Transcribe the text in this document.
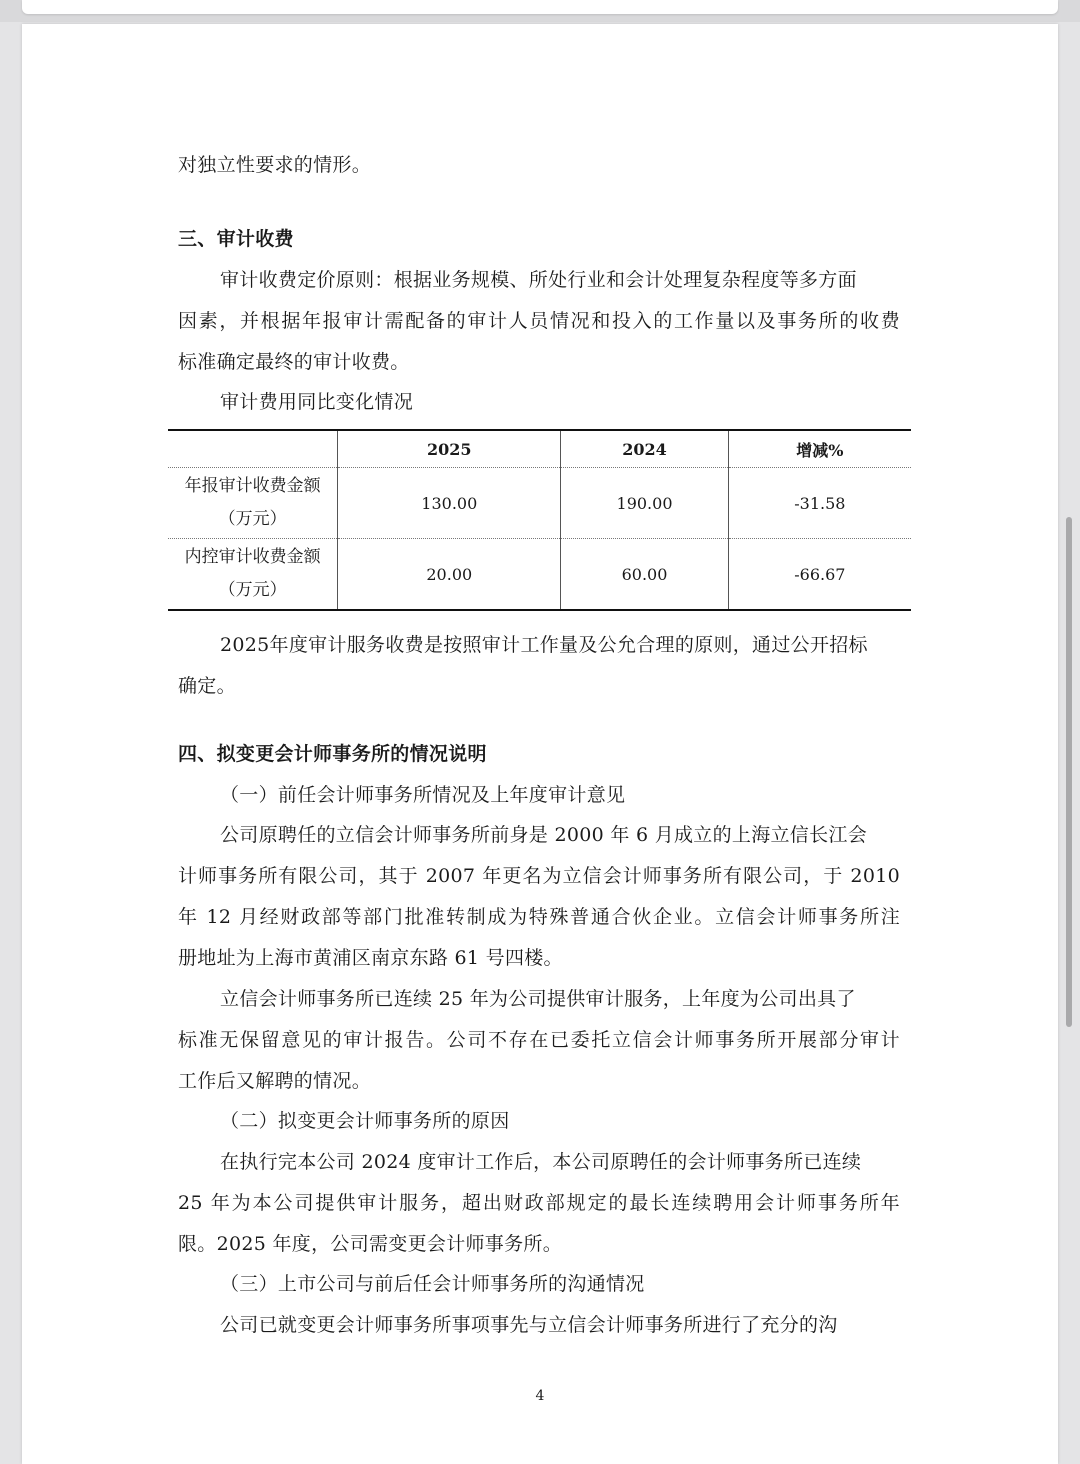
对独立性要求的情形。
三、审计收费
审计收费定价原则：根据业务规模、所处行业和会计处理复杂程度等多方面
因素，并根据年报审计需配备的审计人员情况和投入的工作量以及事务所的收费
标准确定最终的审计收费。
审计费用同比变化情况
	2025	2024	增减%

年报审计收费金额
（万元）	130.00	190.00	-31.58

内控审计收费金额
（万元）	20.00	60.00	-66.67
2025年度审计服务收费是按照审计工作量及公允合理的原则，通过公开招标
确定。
四、拟变更会计师事务所的情况说明
（一）前任会计师事务所情况及上年度审计意见
公司原聘任的立信会计师事务所前身是 2000 年 6 月成立的上海立信长江会
计师事务所有限公司，其于 2007 年更名为立信会计师事务所有限公司，于 2010
年 12 月经财政部等部门批准转制成为特殊普通合伙企业。立信会计师事务所注
册地址为上海市黄浦区南京东路 61 号四楼。
立信会计师事务所已连续 25 年为公司提供审计服务，上年度为公司出具了
标准无保留意见的审计报告。公司不存在已委托立信会计师事务所开展部分审计
工作后又解聘的情况。
（二）拟变更会计师事务所的原因
在执行完本公司 2024 度审计工作后，本公司原聘任的会计师事务所已连续
25 年为本公司提供审计服务，超出财政部规定的最长连续聘用会计师事务所年
限。2025 年度，公司需变更会计师事务所。
（三）上市公司与前后任会计师事务所的沟通情况
公司已就变更会计师事务所事项事先与立信会计师事务所进行了充分的沟
4
